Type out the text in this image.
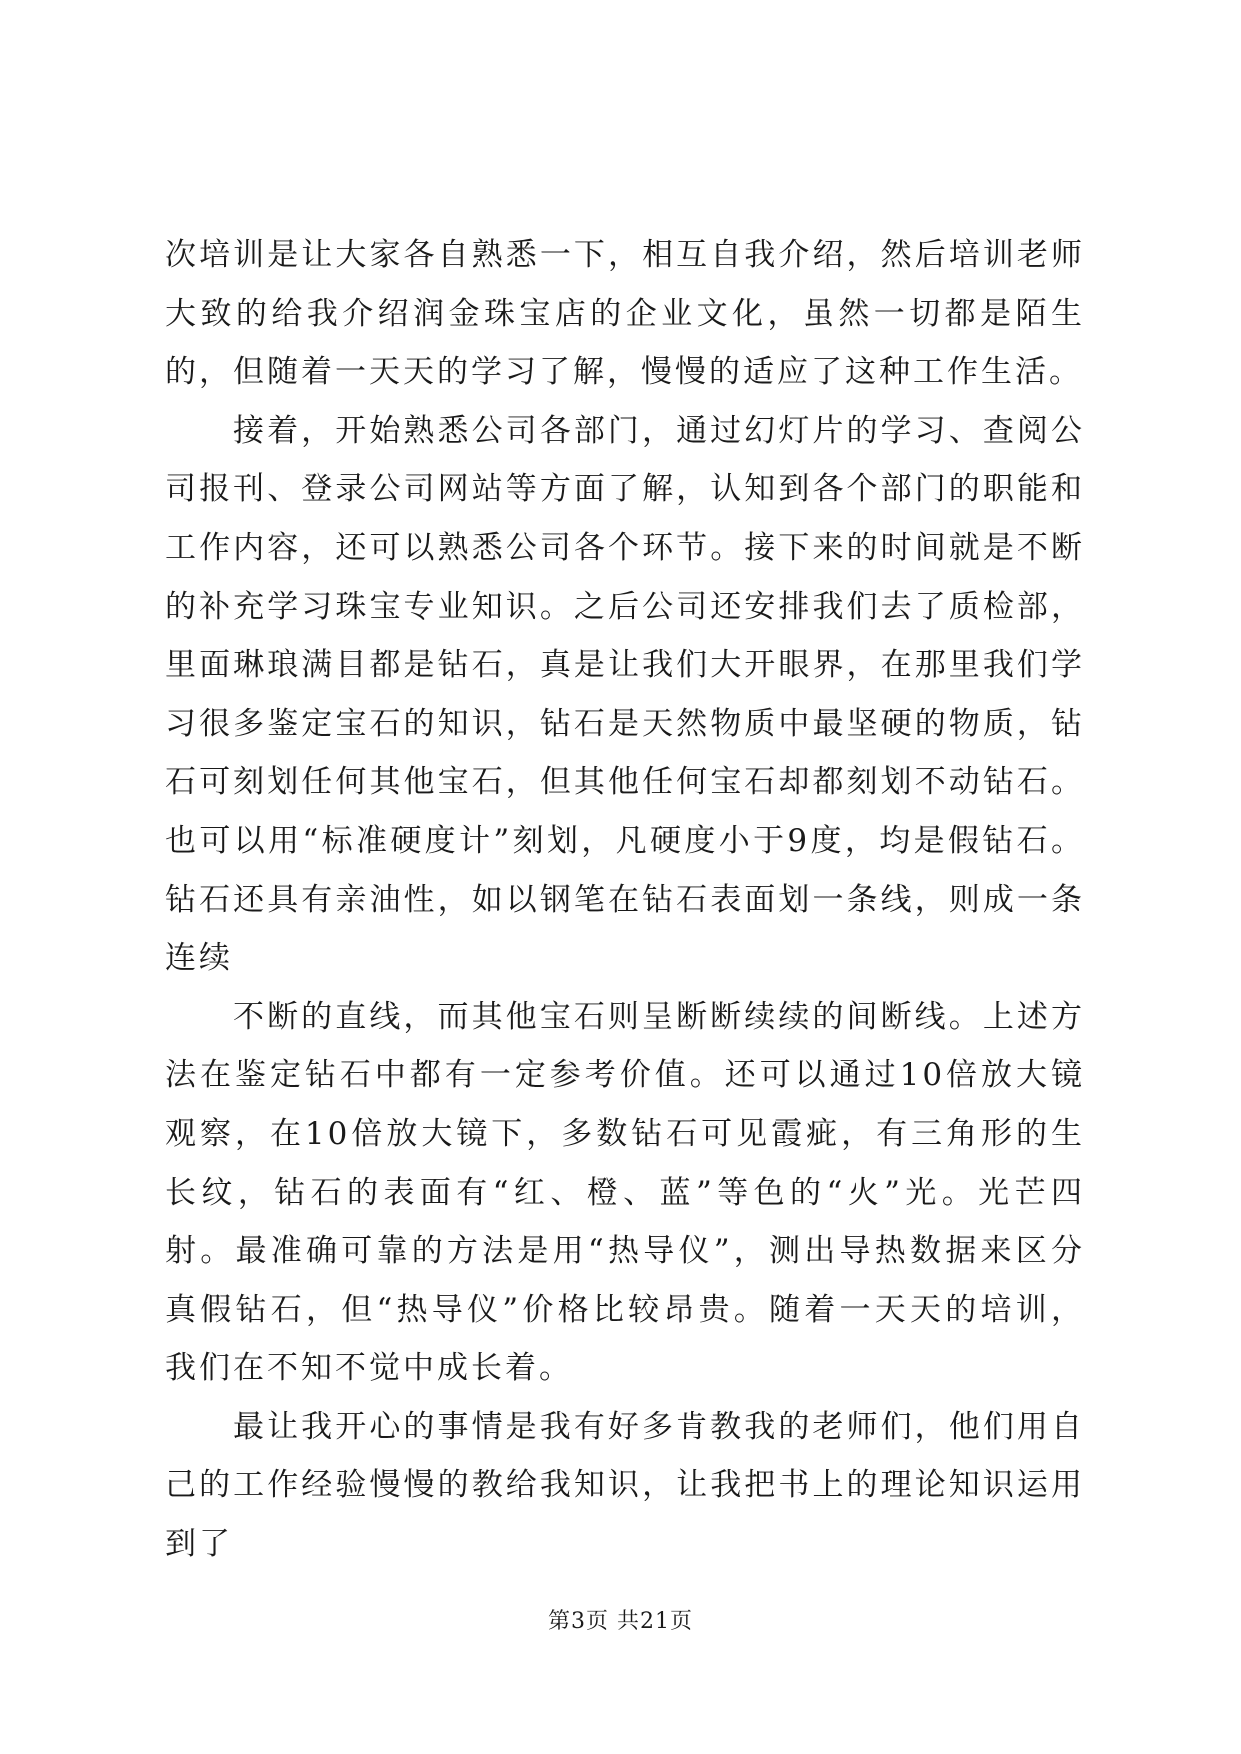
次培训是让大家各自熟悉一下，相互自我介绍，然后培训老师大致的给我介绍润金珠宝店的企业文化，虽然一切都是陌生的，但随着一天天的学习了解，慢慢的适应了这种工作生活。

接着，开始熟悉公司各部门，通过幻灯片的学习、查阅公司报刊、登录公司网站等方面了解，认知到各个部门的职能和工作内容，还可以熟悉公司各个环节。接下来的时间就是不断的补充学习珠宝专业知识。之后公司还安排我们去了质检部，里面琳琅满目都是钻石，真是让我们大开眼界，在那里我们学习很多鉴定宝石的知识，钻石是天然物质中最坚硬的物质，钻石可刻划任何其他宝石，但其他任何宝石却都刻划不动钻石。也可以用“标准硬度计”刻划，凡硬度小于9度，均是假钻石。钻石还具有亲油性，如以钢笔在钻石表面划一条线，则成一条连续

不断的直线，而其他宝石则呈断断续续的间断线。上述方法在鉴定钻石中都有一定参考价值。还可以通过10倍放大镜观察，在10倍放大镜下，多数钻石可见霞疵，有三角形的生长纹，钻石的表面有“红、橙、蓝”等色的“火”光。光芒四射。最准确可靠的方法是用“热导仪”，测出导热数据来区分真假钻石，但“热导仪”价格比较昂贵。随着一天天的培训，我们在不知不觉中成长着。

最让我开心的事情是我有好多肯教我的老师们，他们用自己的工作经验慢慢的教给我知识，让我把书上的理论知识运用到了

第3页 共21页
